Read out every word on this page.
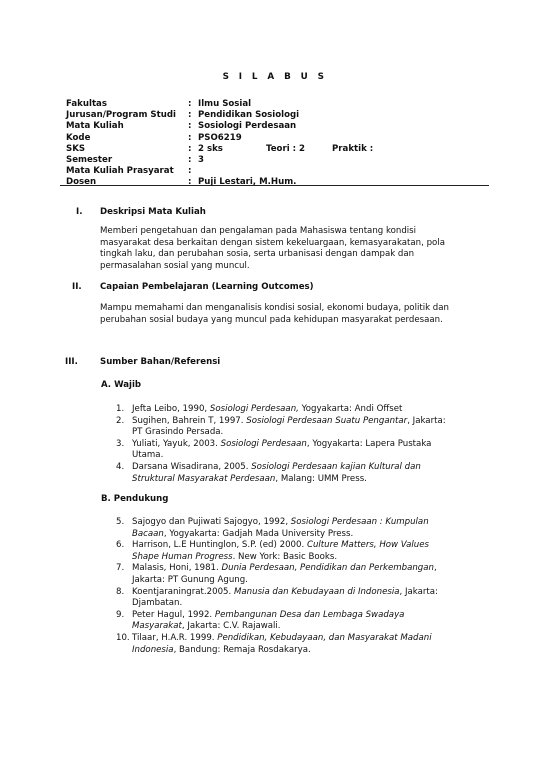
S I L A B U S
Fakultas	: Ilmu Sosial
Jurusan/Program Studi : Pendidikan Sosiologi
Mata Kuliah	: Sosiologi Perdesaan
Kode	: PSO6219
SKS	: 2 sks	Teori : 2	Praktik :
Semester	: 3
Mata Kuliah Prasyarat :
Dosen	: Puji Lestari, M.Hum.
I. Deskripsi Mata Kuliah

Memberi pengetahuan dan pengalaman pada Mahasiswa tentang kondisi masyarakat desa berkaitan dengan sistem kekeluargaan, kemasyarakatan, pola tingkah laku, dan perubahan sosia, serta urbanisasi dengan dampak dan permasalahan sosial yang muncul.

II. Capaian Pembelajaran (Learning Outcomes)

Mampu memahami dan menganalisis kondisi sosial, ekonomi budaya, politik dan perubahan sosial budaya yang muncul pada kehidupan masyarakat perdesaan.

III.	Sumber Bahan/Referensi
A. Wajib
1. Jefta Leibo, 1990, Sosiologi Perdesaan, Yogyakarta: Andi Offset
2. Sugihen, Bahrein T, 1997. Sosiologi Perdesaan Suatu Pengantar, Jakarta: PT Grasindo Persada.
3. Yuliati, Yayuk, 2003. Sosiologi Perdesaan, Yogyakarta: Lapera Pustaka Utama.
4. Darsana Wisadirana, 2005. Sosiologi Perdesaan kajian Kultural dan Struktural Masyarakat Perdesaan, Malang: UMM Press.
B. Pendukung
5. Sajogyo dan Pujiwati Sajogyo, 1992, Sosiologi Perdesaan : Kumpulan Bacaan, Yogyakarta: Gadjah Mada University Press.
6. Harrison, L.E Huntinglon, S.P. (ed) 2000. Culture Matters, How Values Shape Human Progress. New York: Basic Books.
7. Malasis, Honi, 1981. Dunia Perdesaan, Pendidikan dan Perkembangan, Jakarta: PT Gunung Agung.
8. Koentjaraningrat.2005. Manusia dan Kebudayaan di Indonesia, Jakarta: Djambatan.
9. Peter Hagul, 1992. Pembangunan Desa dan Lembaga Swadaya Masyarakat, Jakarta: C.V. Rajawali.
10. Tilaar, H.A.R. 1999. Pendidikan, Kebudayaan, dan Masyarakat Madani Indonesia, Bandung: Remaja Rosdakarya.
